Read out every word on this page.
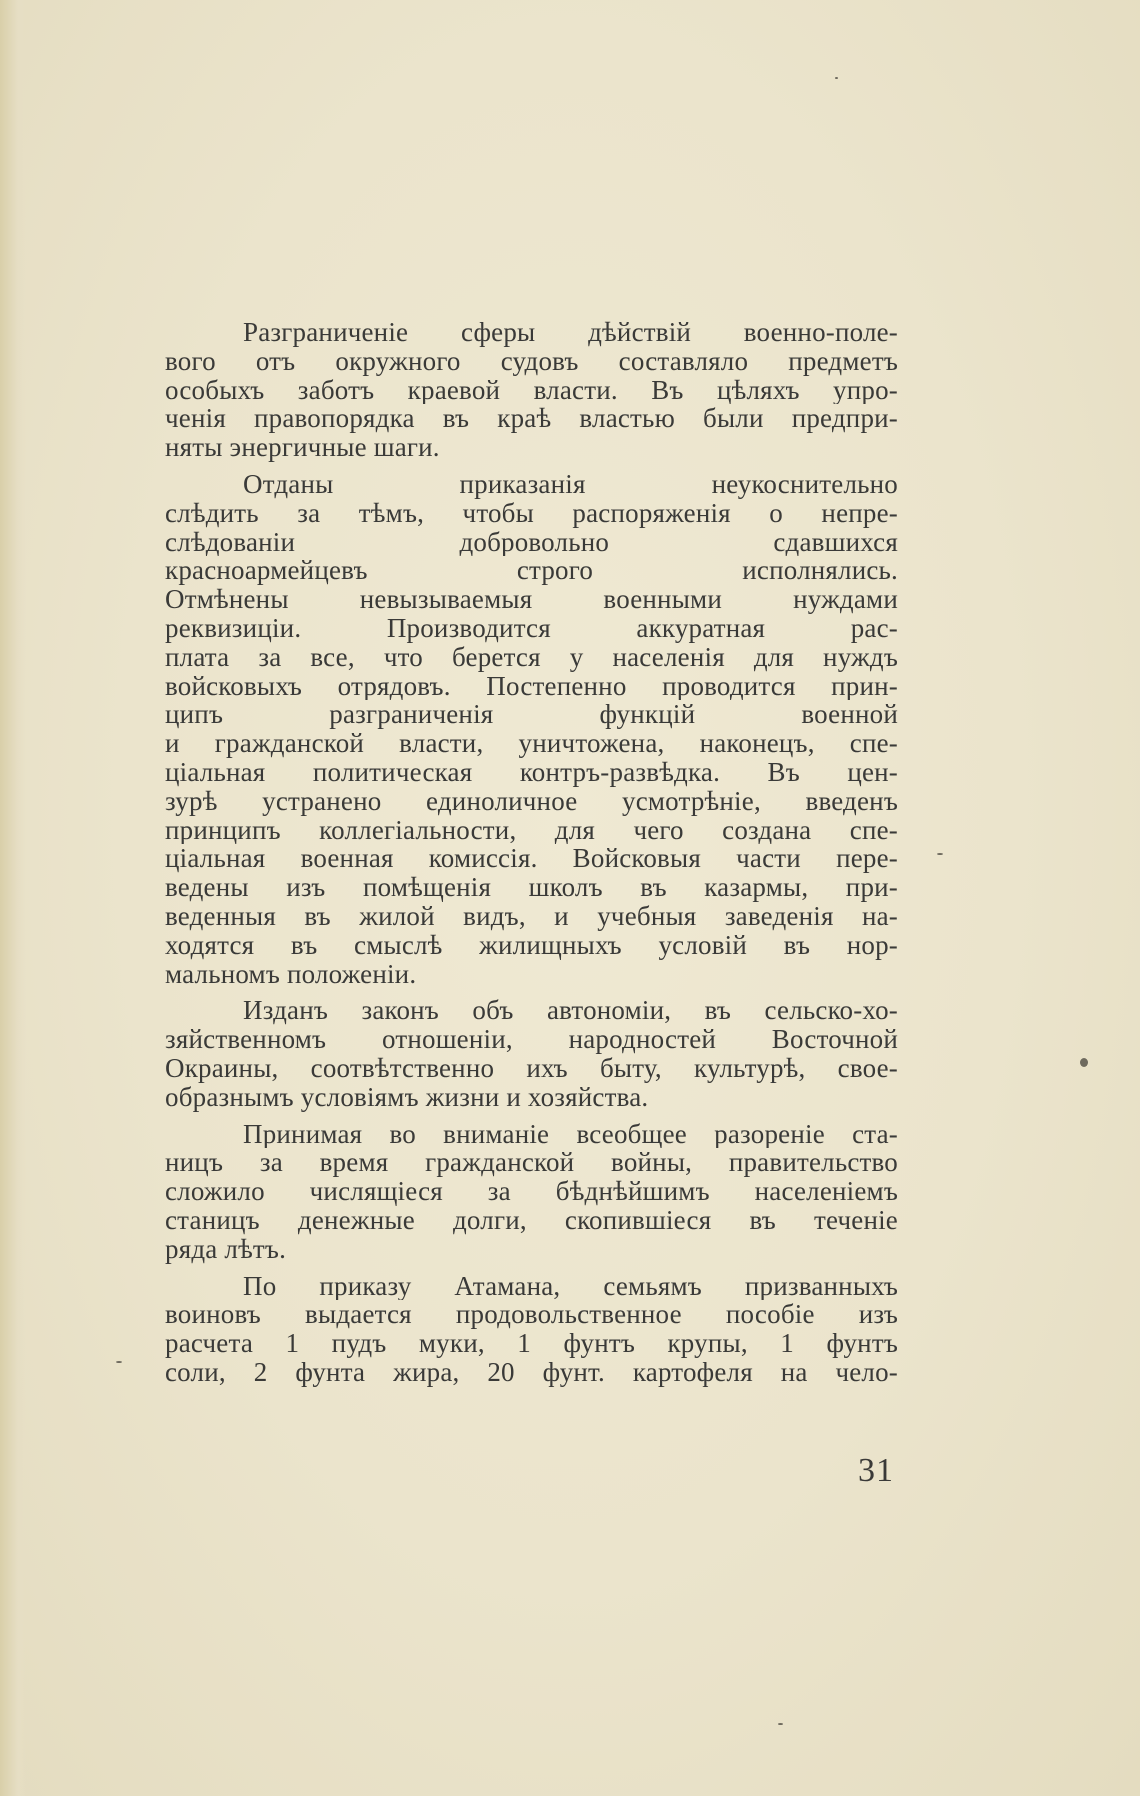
Разграниченіе сферы дѣйствій военно-поле-
вого отъ окружного судовъ составляло предметъ
особыхъ заботъ краевой власти. Въ цѣляхъ упро-
ченія правопорядка въ краѣ властью были предпри-
няты энергичные шаги.
Отданы приказанія неукоснительно
слѣдить за тѣмъ, чтобы распоряженія о непре-
слѣдованіи добровольно сдавшихся
красноармейцевъ строго исполнялись.
Отмѣнены невызываемыя военными нуждами
реквизиціи. Производится аккуратная рас-
плата за все, что берется у населенія для нуждъ
войсковыхъ отрядовъ. Постепенно проводится прин-
ципъ разграниченія функцій военной
и гражданской власти, уничтожена, наконецъ, спе-
ціальная политическая контръ-развѣдка. Въ цен-
зурѣ устранено единоличное усмотрѣніе, введенъ
принципъ коллегіальности, для чего создана спе-
ціальная военная комиссія. Войсковыя части пере-
ведены изъ помѣщенія школъ въ казармы, при-
веденныя въ жилой видъ, и учебныя заведенія на-
ходятся въ смыслѣ жилищныхъ условій въ нор-
мальномъ положеніи.
Изданъ законъ объ автономіи, въ сельско-хо-
зяйственномъ отношеніи, народностей Восточной
Окраины, соотвѣтственно ихъ быту, культурѣ, свое-
образнымъ условіямъ жизни и хозяйства.
Принимая во вниманіе всеобщее разореніе ста-
ницъ за время гражданской войны, правительство
сложило числящіеся за бѣднѣйшимъ населеніемъ
станицъ денежные долги, скопившіеся въ теченіе
ряда лѣтъ.
По приказу Атамана, семьямъ призванныхъ
воиновъ выдается продовольственное пособіе изъ
расчета 1 пудъ муки, 1 фунтъ крупы, 1 фунтъ
соли, 2 фунта жира, 20 фунт. картофеля на чело-
31
